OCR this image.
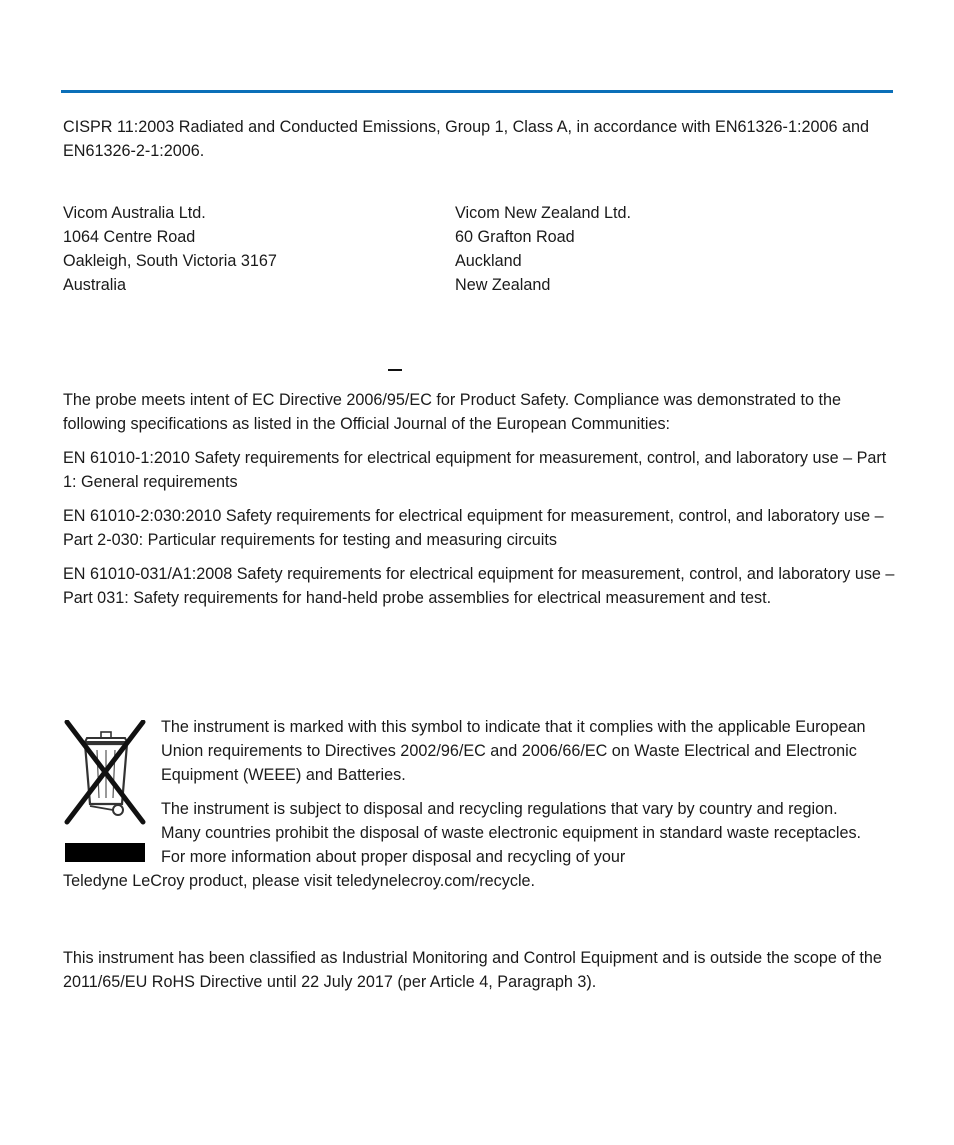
CISPR 11:2003 Radiated and Conducted Emissions, Group 1, Class A, in accordance with EN61326-1:2006 and EN61326-2-1:2006.

Vicom Australia Ltd.
1064 Centre Road
Oakleigh, South Victoria 3167
Australia
Vicom New Zealand Ltd.
60 Grafton Road
Auckland
New Zealand

The probe meets intent of EC Directive 2006/95/EC for Product Safety. Compliance was demonstrated to the following specifications as listed in the Official Journal of the European Communities:

EN 61010-1:2010 Safety requirements for electrical equipment for measurement, control, and laboratory use – Part 1: General requirements

EN 61010-2:030:2010 Safety requirements for electrical equipment for measurement, control, and laboratory use – Part 2-030: Particular requirements for testing and measuring circuits

EN 61010-031/A1:2008 Safety requirements for electrical equipment for measurement, control, and laboratory use – Part 031: Safety requirements for hand-held probe assemblies for electrical measurement and test.

The instrument is marked with this symbol to indicate that it complies with the applicable European Union requirements to Directives 2002/96/EC and 2006/66/EC on Waste Electrical and Electronic Equipment (WEEE) and Batteries.

The instrument is subject to disposal and recycling regulations that vary by country and region. Many countries prohibit the disposal of waste electronic equipment in standard waste receptacles. For more information about proper disposal and recycling of your

Teledyne LeCroy product, please visit teledynelecroy.com/recycle.

This instrument has been classified as Industrial Monitoring and Control Equipment and is outside the scope of the 2011/65/EU RoHS Directive until 22 July 2017 (per Article 4, Paragraph 3).
